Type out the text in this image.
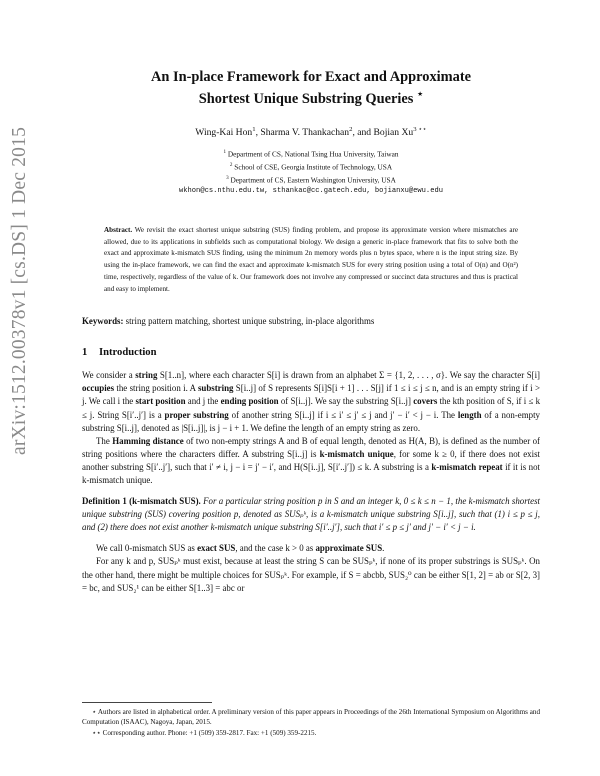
arXiv:1512.00378v1 [cs.DS] 1 Dec 2015
An In-place Framework for Exact and Approximate
Shortest Unique Substring Queries ⋆
Wing-Kai Hon$^1$, Sharma V. Thankachan$^2$, and Bojian $Xu^{3 ⋆⋆}$
$^1$ Department of CS, National Tsing Hua University, Taiwan
$^2$ School of CSE, Georgia Institute of Technology, USA
$^3$ Department of CS, Eastern Washington University, USA
wkhon@cs.nthu.edu.tw, sthankac@cc.gatech.edu, bojianxu@ewu.edu

Abstract. We revisit the exact shortest unique substring (SUS) finding problem, and propose its approximate version where mismatches are allowed, due to its applications in subfields such as computational biology. We design a generic in-place framework that fits to solve both the exact and approximate k-mismatch SUS finding, using the minimum 2n memory words plus n bytes space, where n is the input string size. By using the in-place framework, we can find the exact and approximate k-mismatch SUS for every string position using a total of O(n) and O(n²) time, respectively, regardless of the value of k. Our framework does not involve any compressed or succinct data structures and thus is practical and easy to implement.

Keywords: string pattern matching, shortest unique substring, in-place algorithms

1 Introduction

We consider a string S[1..n], where each character S[i] is drawn from an alphabet Σ = {1, 2, . . . , σ}. We say the character S[i] occupies the string position i. A substring S[i..j] of S represents S[i]S[i + 1] . . . S[j] if 1 ≤ i ≤ j ≤ n, and is an empty string if i > j. We call i the start position and j the ending position of S[i..j]. We say the substring S[i..j] covers the kth position of S, if i ≤ k ≤ j. String S[i′..j′] is a proper substring of another string S[i..j] if i ≤ i′ ≤ j′ ≤ j and j′ − i′ < j − i. The length of a non-empty substring S[i..j], denoted as |S[i..j]|, is j − i + 1. We define the length of an empty string as zero.

The Hamming distance of two non-empty strings A and B of equal length, denoted as H(A, B), is defined as the number of string positions where the characters differ. A substring S[i..j] is k-mismatch unique, for some k ≥ 0, if there does not exist another substring S[i′..j′], such that i′ ≠ i, j − i = j′ − i′, and H(S[i..j], S[i′..j′]) ≤ k. A substring is a k-mismatch repeat if it is not k-mismatch unique.

Definition 1 (k-mismatch SUS). For a particular string position p in S and an integer k, 0 ≤ k ≤ n − 1, the k-mismatch shortest unique substring (SUS) covering position p, denoted as SUSₚᵏ, is a k-mismatch unique substring S[i..j], such that (1) i ≤ p ≤ j, and (2) there does not exist another k-mismatch unique substring S[i′..j′], such that i′ ≤ p ≤ j′ and j′ − i′ < j − i.

We call 0-mismatch SUS as exact SUS, and the case k > 0 as approximate SUS.

For any k and p, SUSₚᵏ must exist, because at least the string S can be SUSₚᵏ, if none of its proper substrings is SUSₚᵏ. On the other hand, there might be multiple choices for SUSₚᵏ. For example, if S = abcbb, SUS₂⁰ can be either S[1, 2] = ab or S[2, 3] = bc, and SUS₂¹ can be either S[1..3] = abc or

⋆ Authors are listed in alphabetical order. A preliminary version of this paper appears in Proceedings of the 26th International Symposium on Algorithms and Computation (ISAAC), Nagoya, Japan, 2015.
⋆⋆ Corresponding author. Phone: +1 (509) 359-2817. Fax: +1 (509) 359-2215.
